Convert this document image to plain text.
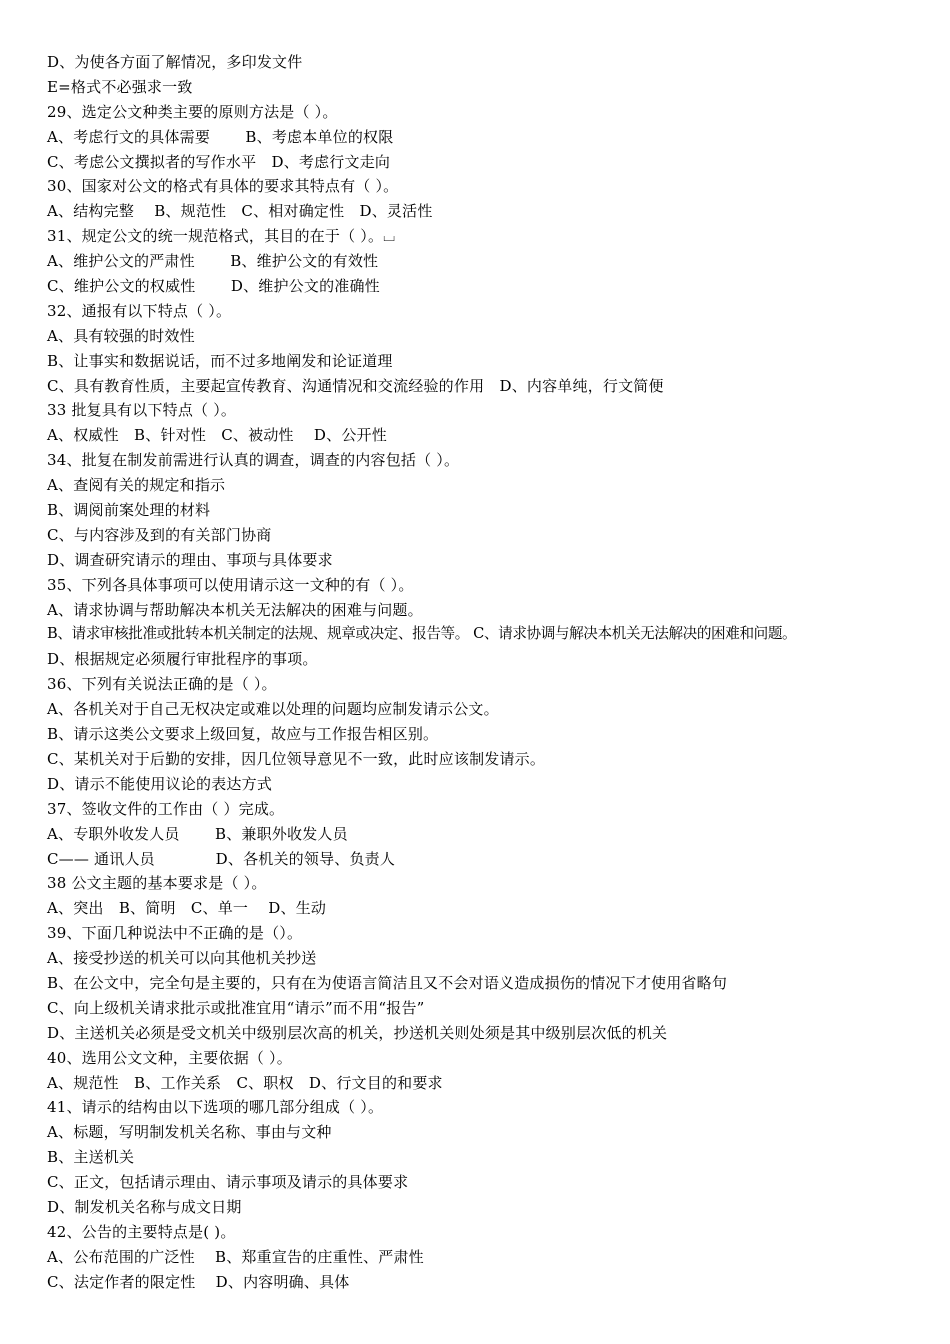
D、为使各方面了解情况，多印发文件
E=格式不必强求一致
29、选定公文种类主要的原则方法是（ ）。
A、考虑行文的具体需要　　 B、考虑本单位的权限
C、考虑公文撰拟者的写作水平　D、考虑行文走向
30、国家对公文的格式有具体的要求其特点有（ ）。
A、结构完整　 B、规范性　C、相对确定性　D、灵活性
31、规定公文的统一规范格式，其目的在于（ ）。⌴
A、维护公文的严肃性　　 B、维护公文的有效性
C、维护公文的权威性　　 D、维护公文的准确性
32、通报有以下特点（ ）。
A、具有较强的时效性
B、让事实和数据说话，而不过多地阐发和论证道理
C、具有教育性质，主要起宣传教育、沟通情况和交流经验的作用　D、内容单纯，行文简便
33 批复具有以下特点（ ）。
A、权威性　B、针对性　C、被动性　 D、公开性
34、批复在制发前需进行认真的调查，调查的内容包括（ ）。
A、查阅有关的规定和指示
B、调阅前案处理的材料
C、与内容涉及到的有关部门协商
D、调查研究请示的理由、事项与具体要求
35、下列各具体事项可以使用请示这一文种的有（ ）。
A、请求协调与帮助解决本机关无法解决的困难与问题。
B、请求审核批准或批转本机关制定的法规、规章或决定、报告等。 C、请求协调与解决本机关无法解决的困难和问题。
D、根据规定必须履行审批程序的事项。
36、下列有关说法正确的是（ ）。
A、各机关对于自己无权决定或难以处理的问题均应制发请示公文。
B、请示这类公文要求上级回复，故应与工作报告相区别。
C、某机关对于后勤的安排，因几位领导意见不一致，此时应该制发请示。
D、请示不能使用议论的表达方式
37、签收文件的工作由（ ）完成。
A、专职外收发人员　　 B、兼职外收发人员
C—— 通讯人员　　　　D、各机关的领导、负责人
38 公文主题的基本要求是（ ）。
A、突出　B、简明　C、单一　 D、生动
39、下面几种说法中不正确的是（）。
A、接受抄送的机关可以向其他机关抄送
B、在公文中，完全句是主要的，只有在为使语言简洁且又不会对语义造成损伤的情况下才使用省略句
C、向上级机关请求批示或批准宜用“请示”而不用“报告”
D、主送机关必须是受文机关中级别层次高的机关，抄送机关则处须是其中级别层次低的机关
40、选用公文文种，主要依据（ ）。
A、规范性　B、工作关系　C、职权　D、行文目的和要求
41、请示的结构由以下选项的哪几部分组成（ ）。
A、标题，写明制发机关名称、事由与文种
B、主送机关
C、正文，包括请示理由、请示事项及请示的具体要求
D、制发机关名称与成文日期
42、公告的主要特点是( )。
A、公布范围的广泛性　 B、郑重宣告的庄重性、严肃性
C、法定作者的限定性　 D、内容明确、具体
